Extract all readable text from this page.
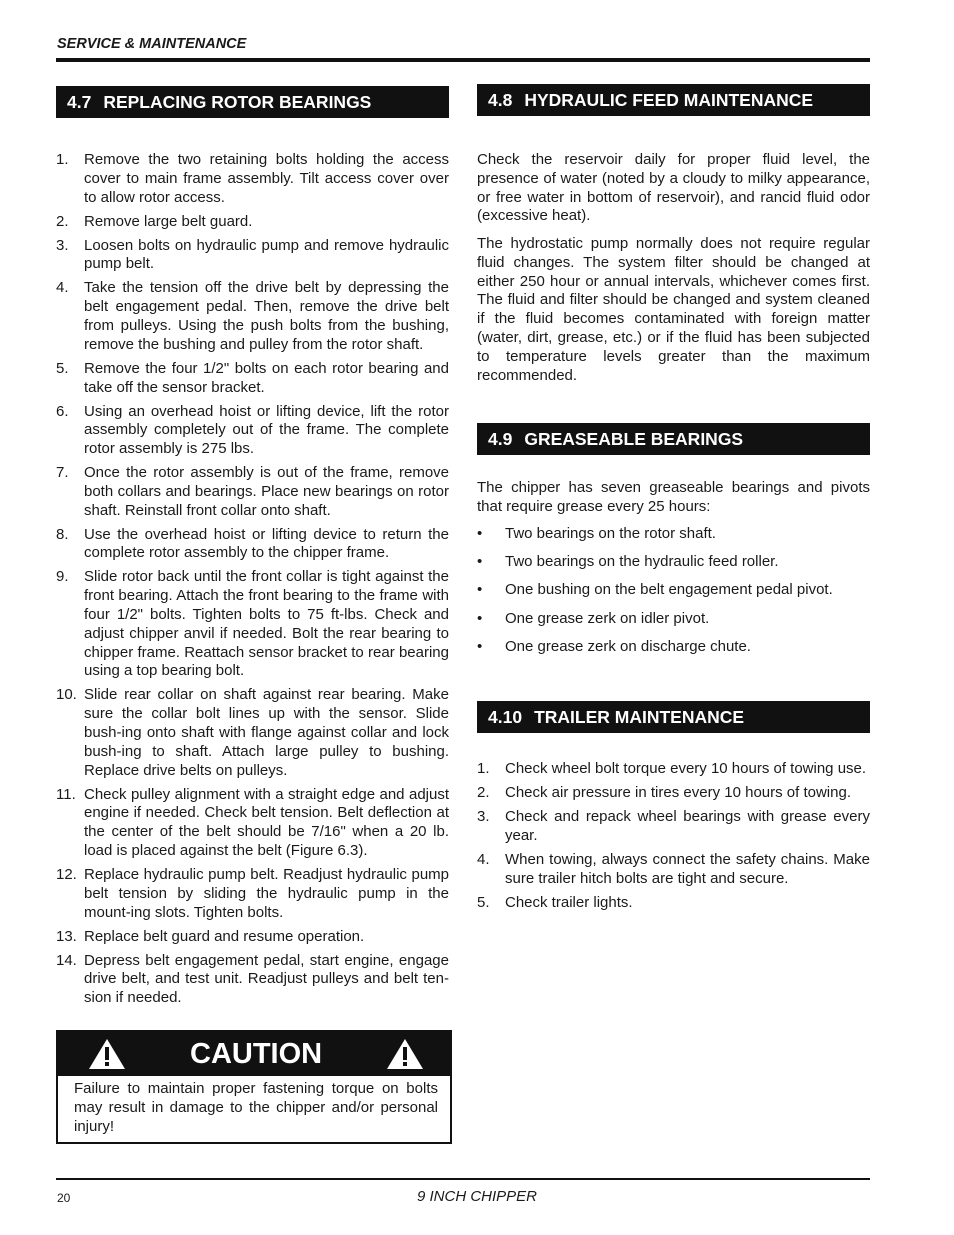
SERVICE & MAINTENANCE
4.7 REPLACING ROTOR BEARINGS
1. Remove the two retaining bolts holding the access cover to main frame assembly. Tilt access cover over to allow rotor access.
2. Remove large belt guard.
3. Loosen bolts on hydraulic pump and remove hydraulic pump belt.
4. Take the tension off the drive belt by depressing the belt engagement pedal. Then, remove the drive belt from pulleys. Using the push bolts from the bushing, remove the bushing and pulley from the rotor shaft.
5. Remove the four 1/2" bolts on each rotor bearing and take off the sensor bracket.
6. Using an overhead hoist or lifting device, lift the rotor assembly completely out of the frame. The complete rotor assembly is 275 lbs.
7. Once the rotor assembly is out of the frame, remove both collars and bearings. Place new bearings on rotor shaft. Reinstall front collar onto shaft.
8. Use the overhead hoist or lifting device to return the complete rotor assembly to the chipper frame.
9. Slide rotor back until the front collar is tight against the front bearing. Attach the front bearing to the frame with four 1/2" bolts. Tighten bolts to 75 ft-lbs. Check and adjust chipper anvil if needed. Bolt the rear bearing to chipper frame. Reattach sensor bracket to rear bearing using a top bearing bolt.
10. Slide rear collar on shaft against rear bearing. Make sure the collar bolt lines up with the sensor. Slide bush-ing onto shaft with flange against collar and lock bush-ing to shaft. Attach large pulley to bushing. Replace drive belts on pulleys.
11. Check pulley alignment with a straight edge and adjust engine if needed. Check belt tension. Belt deflection at the center of the belt should be 7/16" when a 20 lb. load is placed against the belt (Figure 6.3).
12. Replace hydraulic pump belt. Readjust hydraulic pump belt tension by sliding the hydraulic pump in the mount-ing slots. Tighten bolts.
13. Replace belt guard and resume operation.
14. Depress belt engagement pedal, start engine, engage drive belt, and test unit. Readjust pulleys and belt ten-sion if needed.
CAUTION
Failure to maintain proper fastening torque on bolts may result in damage to the chipper and/or personal injury!
4.8 HYDRAULIC FEED MAINTENANCE

Check the reservoir daily for proper fluid level, the presence of water (noted by a cloudy to milky appearance, or free water in bottom of reservoir), and rancid fluid odor (excessive heat).

The hydrostatic pump normally does not require regular fluid changes. The system filter should be changed at either 250 hour or annual intervals, whichever comes first. The fluid and filter should be changed and system cleaned if the fluid becomes contaminated with foreign matter (water, dirt, grease, etc.) or if the fluid has been subjected to temperature levels greater than the maximum recommended.

4.9 GREASEABLE BEARINGS

The chipper has seven greaseable bearings and pivots that require grease every 25 hours:

• Two bearings on the rotor shaft.
• Two bearings on the hydraulic feed roller.
• One bushing on the belt engagement pedal pivot.
• One grease zerk on idler pivot.
• One grease zerk on discharge chute.
4.10 TRAILER MAINTENANCE
1. Check wheel bolt torque every 10 hours of towing use.
2. Check air pressure in tires every 10 hours of towing.
3. Check and repack wheel bearings with grease every year.
4. When towing, always connect the safety chains. Make sure trailer hitch bolts are tight and secure.
5. Check trailer lights.
20	9 INCH CHIPPER
